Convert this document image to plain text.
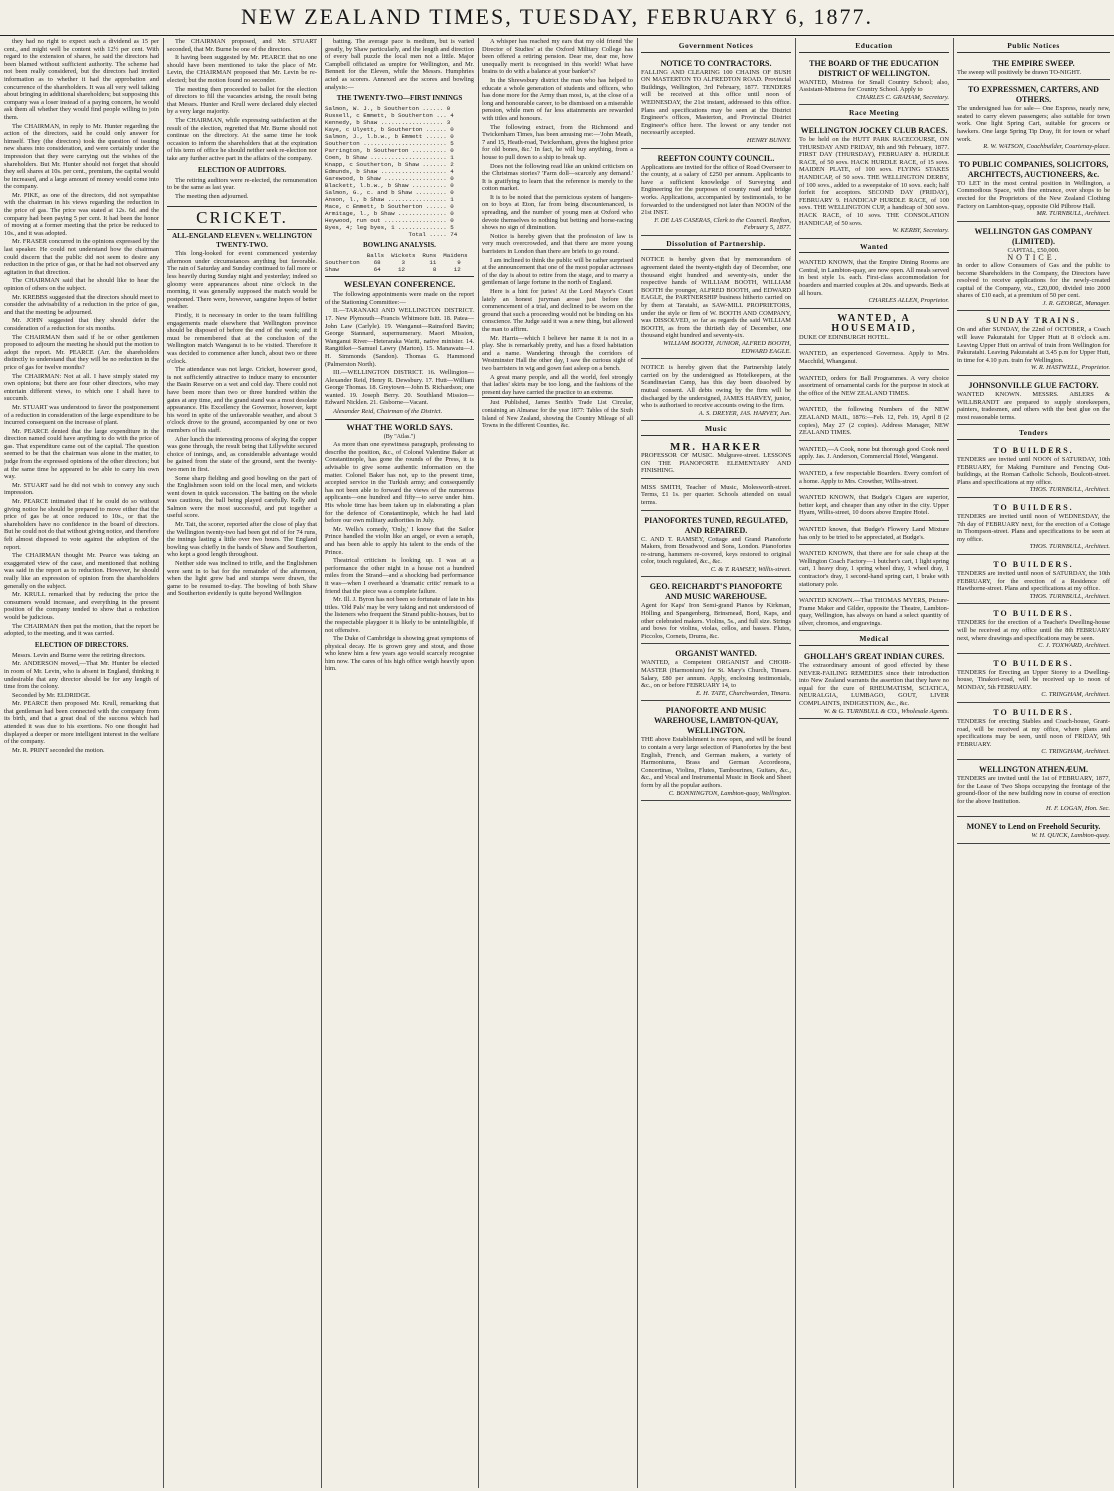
NEW ZEALAND TIMES, TUESDAY, FEBRUARY 6, 1877.

they had no right to expect such a dividend as 15 per cent., and might well be content with 12½ per cent. With regard to the extension of shares, he said the directors had been blamed without sufficient authority. The scheme had not been really considered, but the directors had invited information as to whether it had the approbation and concurrence of the shareholders. It was all very well talking about bringing in additional shareholders; but supposing this company was a loser instead of a paying concern, he would ask them all whether they would find people willing to join them.

The CHAIRMAN, in reply to Mr. Hunter regarding the action of the directors, said he could only answer for himself. They (the directors) took the question of issuing new shares into consideration, and were certainly under the impression that they were carrying out the wishes of the shareholders. But Mr. Hunter should not forget that should they sell shares at 10s. per cent., premium, the capital would be increased, and a large amount of money would come into the company.

Mr. PIKE, as one of the directors, did not sympathise with the chairman in his views regarding the reduction in the price of gas. The price was stated at 12s. 6d. and the company had been paying 5 per cent. It had been the honor of moving at a former meeting that the price be reduced to 10s., and it was adopted.

Mr. FRASER concurred in the opinions expressed by the last speaker. He could not understand how the chairman could discern that the public did not seem to desire any reduction in the price of gas, or that he had not observed any agitation in that direction.

The CHAIRMAN said that he should like to hear the opinion of others on the subject.

Mr. KREBBS suggested that the directors should meet to consider the advisability of a reduction in the price of gas, and that the meeting be adjourned.

Mr. JOHN suggested that they should defer the consideration of a reduction for six months.

The CHAIRMAN then said if he or other gentlemen proposed to adjourn the meeting he should put the motion to adopt the report. Mr. PEARCE (Arr. the shareholders distinctly to understand that they will be no reduction in the price of gas for twelve months?

The CHAIRMAN: Not at all. I have simply stated my own opinions; but there are four other directors, who may entertain different views, to which one I shall have to succumb.

Mr. STUART was understood to favor the postponement of a reduction in consideration of the large expenditure to be incurred consequent on the increase of plant.

Mr. PEARCE denied that the large expenditure in the direction named could have anything to do with the price of gas. That expenditure came out of the capital. The question seemed to be that the chairman was alone in the matter, to judge from the expressed opinions of the other directors; but at the same time he appeared to be able to carry his own way.

Mr. STUART said he did not wish to convey any such impression.

Mr. PEARCE intimated that if he could do so without giving notice he should be prepared to move either that the price of gas be at once reduced to 10s., or that the shareholders have no confidence in the board of directors. But he could not do that without giving notice, and therefore felt almost disposed to vote against the adoption of the report.

The CHAIRMAN thought Mr. Pearce was taking an exaggerated view of the case, and mentioned that nothing was said in the report as to reduction. However, he should really like an expression of opinion from the shareholders generally on the subject.

Mr. KRULL remarked that by reducing the price the consumers would increase, and everything in the present position of the company tended to show that a reduction would be judicious.

The CHAIRMAN then put the motion, that the report be adopted, to the meeting, and it was carried.

ELECTION OF DIRECTORS.

Messrs. Levin and Burne were the retiring directors.

Mr. ANDERSON moved,—That Mr. Hunter be elected in room of Mr. Levin, who is absent in England, thinking it undesirable that any director should be for any length of time from the colony.

Seconded by Mr. ELDRIDGE.

Mr. PEARCE then proposed Mr. Krull, remarking that that gentleman had been connected with the company from its birth, and that a great deal of the success which had attended it was due to his exertions. No one thought had displayed a deeper or more intelligent interest in the welfare of the company.

Mr. R. PRINT seconded the motion.

The CHAIRMAN proposed, and Mr. STUART seconded, that Mr. Burne be one of the directors.

It having been suggested by Mr. PEARCE that no one should have been mentioned to take the place of Mr. Levin, the CHAIRMAN proposed that Mr. Levin be re-elected; but the motion found no seconder.

The meeting then proceeded to ballot for the election of directors to fill the vacancies arising, the result being that Messrs. Hunter and Krull were declared duly elected by a very large majority.

The CHAIRMAN, while expressing satisfaction at the result of the election, regretted that Mr. Burne should not continue on the directory. At the same time he took occasion to inform the shareholders that at the expiration of his term of office he should neither seek re-election nor take any further active part in the affairs of the company.

ELECTION OF AUDITORS.

The retiring auditors were re-elected, the remuneration to be the same as last year.

The meeting then adjourned.

CRICKET.
ALL-ENGLAND ELEVEN v. WELLINGTON TWENTY-TWO.

This long-looked for event commenced yesterday afternoon under circumstances anything but favorable. The rain of Saturday and Sunday continued to fall more or less heavily during Sunday night and yesterday; indeed so gloomy were appearances about nine o'clock in the morning, it was generally supposed the match would be postponed. There were, however, sanguine hopes of better weather.

Firstly, it is necessary in order to the team fulfilling engagements made elsewhere that Wellington province should be disposed of before the end of the week; and it must be remembered that at the conclusion of the Wellington match Wanganui is to be visited. Therefore it was decided to commence after lunch, about two or three o'clock.

The attendance was not large. Cricket, however good, is not sufficiently attractive to induce many to encounter the Basin Reserve on a wet and cold day. There could not have been more than two or three hundred within the gates at any time, and the grand stand was a most desolate appearance. His Excellency the Governor, however, kept his word in spite of the unfavorable weather, and about 3 o'clock drove to the ground, accompanied by one or two members of his staff.

After lunch the interesting process of skying the copper was gone through, the result being that Lillywhite secured choice of innings, and, as considerable advantage would be gained from the state of the ground, sent the twenty-two men in first.

Some sharp fielding and good bowling on the part of the Englishmen soon told on the local men, and wickets went down in quick succession. The batting on the whole was cautious, the ball being played carefully. Kelly and Salmon were the most successful, and put together a useful score.

Mr. Tait, the scorer, reported after the close of play that the Wellington twenty-two had been got rid of for 74 runs, the innings lasting a little over two hours. The England bowling was chiefly in the hands of Shaw and Southerton, who kept a good length throughout.

Neither side was inclined to trifle, and the Englishmen were sent in to bat for the remainder of the afternoon, when the light grew bad and stumps were drawn, the game to be resumed to-day. The bowling of both Shaw and Southerton evidently is quite beyond Wellington

batting. The average pace is medium, but is varied greatly, by Shaw particularly, and the length and direction of every ball puzzle the local men not a little. Major Campbell officiated as umpire for Wellington, and Mr. Bennett for the Eleven, while the Messrs. Humphries acted as scorers. Annexed are the scores and bowling analysis:—

THE TWENTY-TWO—FIRST INNINGS
Salmon, W. J., b Southerton ...... 0
Russell, c Emmett, b Southerton ... 4
Kennedy, b Shaw .................. 3
Kaye, c Ulyett, b Southerton ...... 0
Salmon, J., l.b.w., b Emmett ...... 0
Southerton ........................ 5
Parrington, b Southerton .......... 0
Coen, b Shaw ...................... 1
Knapp, c Southerton, b Shaw ....... 2
Edmunds, b Shaw ................... 4
Garewood, b Shaw .................. 0
Blackett, l.b.w., b Shaw .......... 0
Salmon, G., c. and b Shaw ......... 0
Anson, l., b Shaw ................. 1
Mace, c Emmett, b Southerton ...... 0
Armitage, l., b Shaw .............. 0
Heywood, run out .................. 0
Byes, 4; leg byes, 1 .............. 5
Total ..... 74
BOWLING ANALYSIS.
Balls  Wickets  Runs  Maidens
Southerton    68      3       11      9
Shaw          64     12        8     12
WESLEYAN CONFERENCE.

The following appointments were made on the report of the Stationing Committee:—

II.—TARANAKI AND WELLINGTON DISTRICT. 17. New Plymouth—Francis Whitmore Isitt. 18. Patea—John Law (Carlyle). 19. Wanganui—Rainsford Bavin; George Stannard, supernumerary. Maori Mission, Wanganui River—Heteraraka Wariti, native minister. 14. Rangitikei—Samuel Lawry (Marton). 15. Manawatu—J. H. Simmonds (Sandon). Thomas G. Hammond (Palmerston North).

III.—WELLINGTON DISTRICT. 16. Wellington—Alexander Reid, Henry R. Dewsbury. 17. Hutt—William George Thomas. 18. Greytown—John B. Richardson; one wanted. 19. Joseph Berry. 20. Southland Mission—Edward Nicklen. 21. Gisborne—Vacant.

Alexander Reid, Chairman of the District.

WHAT THE WORLD SAYS.
(By "Atlas.")

As more than one eyewitness paragraph, professing to describe the position, &c., of Colonel Valentine Baker at Constantinople, has gone the rounds of the Press, it is advisable to give some authentic information on the matter. Colonel Baker has not, up to the present time, accepted service in the Turkish army; and consequently has not been able to forward the views of the numerous applicants—one hundred and fifty—to serve under him. His whole time has been taken up in elaborating a plan for the defence of Constantinople, which he had laid before our own military authorities in July.

Mr. Wells's comedy, 'Only,' I know that the Sailor Prince handled the violin like an angel, or even a seraph, and has been able to apply his talent to the ends of the Prince.

Theatrical criticism is looking up. I was at a performance the other night in a house not a hundred miles from the Strand—and a shocking bad performance it was—when I overheard a 'dramatic critic' remark to a friend that the piece was a complete failure.

Mr. Ill. J. Byron has not been so fortunate of late in his titles. 'Old Pals' may be very taking and not understood of the listeners who frequent the Strand public-houses, but to the respectable playgoer it is likely to be unintelligible, if not offensive.

The Duke of Cambridge is showing great symptoms of physical decay. He is grown grey and stout, and those who knew him a few years ago would scarcely recognise him now. The cares of his high office weigh heavily upon him.

A whisper has reached my ears that my old friend 'the Director of Studies' at the Oxford Military College has been offered a retiring pension. Dear me, dear me, how unequally merit is recognised in this world! What have brains to do with a balance at your banker's?

In the Shrewsbury district the man who has helped to educate a whole generation of students and officers, who has done more for the Army than most, is, at the close of a long and honourable career, to be dismissed on a miserable pension, while men of far less attainments are rewarded with titles and honours.

The following extract, from the Richmond and Twickenham Times, has been amusing me:—'John Meath, 7 and 15, Heath-road, Twickenham, gives the highest price for old bones, &c.' In fact, he will buy anything, from a house to pull down to a ship to break up.

Does not the following read like an unkind criticism on the Christmas stories? 'Farm doll—scarcely any demand.' It is gratifying to learn that the reference is merely to the cotton market.

It is to be noted that the pernicious system of hangers-on to boys at Eton, far from being discountenanced, is spreading, and the number of young men at Oxford who devote themselves to nothing but betting and horse-racing shows no sign of diminution.

Notice is hereby given that the profession of law is very much overcrowded, and that there are more young barristers in London than there are briefs to go round.

I am inclined to think the public will be rather surprised at the announcement that one of the most popular actresses of the day is about to retire from the stage, and to marry a gentleman of large fortune in the north of England.

Here is a hint for juries! At the Lord Mayor's Court lately an honest juryman arose just before the commencement of a trial, and declined to be sworn on the ground that such a proceeding would not be binding on his conscience. The Judge said it was a new thing, but allowed the man to affirm.

Mr. Harris—which I believe her name it is not in a play. She is remarkably pretty, and has a fixed habitation and a name. Wandering through the corridors of Westminster Hall the other day, I saw the curious sight of two barristers in wig and gown fast asleep on a bench.

A great many people, and all the world, feel strongly that ladies' skirts may be too long, and the fashions of the present day have carried the practice to an extreme.

Just Published, James Smith's Trade List Circular, containing an Almanac for the year 1877: Tables of the Sixth Island of New Zealand, showing the Country Mileage of all Towns in the different Counties, &c.

Government Notices
NOTICE TO CONTRACTORS.
FALLING AND CLEARING 100 CHAINS OF BUSH ON MASTERTON TO ALFREDTON ROAD. Provincial Buildings, Wellington, 3rd February, 1877. TENDERS will be received at this office until noon of WEDNESDAY, the 21st instant, addressed to this office. Plans and specifications may be seen at the District Engineer's offices, Masterton, and Provincial District Engineer's office here. The lowest or any tender not necessarily accepted.
HENRY BUNNY.
REEFTON COUNTY COUNCIL.
Applications are invited for the office of Road Overseer to the county, at a salary of £250 per annum. Applicants to have a sufficient knowledge of Surveying and Engineering for the purposes of county road and bridge works. Applications, accompanied by testimonials, to be forwarded to the undersigned not later than NOON of the 21st INST.
F. DE LAS CASERAS, Clerk to the Council. Reefton, February 5, 1877.
Dissolution of Partnership.
NOTICE is hereby given that by memorandum of agreement dated the twenty-eighth day of December, one thousand eight hundred and seventy-six, under the respective hands of WILLIAM BOOTH, WILLIAM BOOTH the younger, ALFRED BOOTH, and EDWARD EAGLE, the PARTNERSHIP business hitherto carried on by them at Taratahi, as SAW-MILL PROPRIETORS, under the style or firm of W. BOOTH AND COMPANY, was DISSOLVED, so far as regards the said WILLIAM BOOTH, as from the thirtieth day of December, one thousand eight hundred and seventy-six.
WILLIAM BOOTH, JUNIOR, ALFRED BOOTH, EDWARD EAGLE.
NOTICE is hereby given that the Partnership lately carried on by the undersigned as Hotelkeepers, at the Scandinavian Camp, has this day been dissolved by mutual consent. All debts owing by the firm will be discharged by the undersigned, JAMES HARVEY, junior, who is authorised to receive accounts owing to the firm.
A. S. DREYER, JAS. HARVEY, Jun.
Music
MR. HARKER
PROFESSOR OF MUSIC. Mulgrave-street. LESSONS ON THE PIANOFORTE ELEMENTARY AND FINISHING.
MISS SMITH, Teacher of Music, Molesworth-street. Terms, £1 1s. per quarter. Schools attended on usual terms.
PIANOFORTES TUNED, REGULATED, AND REPAIRED.
C. AND T. RAMSEY, Cottage and Grand Pianoforte Makers, from Broadwood and Sons, London. Pianofortes re-strung, hammers re-covered, keys restored to original color, touch regulated, &c., &c.
C. & T. RAMSEY, Willis-street.
GEO. REICHARDT'S PIANOFORTE AND MUSIC WAREHOUSE.
Agent for Kaps' Iron Semi-grand Pianos by Kirkman, Hölling and Spangenberg, Brinsmead, Bord, Kaps, and other celebrated makers. Violins, 5s., and full size. Strings and bows for violins, violas, cellos, and basses. Flutes, Piccolos, Cornets, Drums, &c.
ORGANIST WANTED.
WANTED, a Competent ORGANIST and CHOIR-MASTER (Harmonium) for St. Mary's Church, Timaru. Salary, £80 per annum. Apply, enclosing testimonials, &c., on or before FEBRUARY 14, to
E. H. TATE, Churchwarden, Timaru.
PIANOFORTE AND MUSIC WAREHOUSE, LAMBTON-QUAY, WELLINGTON.
THE above Establishment is now open, and will be found to contain a very large selection of Pianofortes by the best English, French, and German makers, a variety of Harmoniums, Brass and German Accordeons, Concertinas, Violins, Flutes, Tambourines, Guitars, &c., &c., and Vocal and Instrumental Music in Book and Sheet form by all the popular authors.
C. BONNINGTON, Lambton-quay, Wellington.
Education
THE BOARD OF THE EDUCATION DISTRICT OF WELLINGTON.
WANTED, Mistress for Small Country School; also, Assistant-Mistress for Country School. Apply to
CHARLES C. GRAHAM, Secretary.
Race Meeting
WELLINGTON JOCKEY CLUB RACES.
To be held on the HUTT PARK RACECOURSE, ON THURSDAY AND FRIDAY, 8th and 9th February, 1877. FIRST DAY (THURSDAY), FEBRUARY 8. HURDLE RACE, of 50 sovs. HACK HURDLE RACE, of 15 sovs. MAIDEN PLATE, of 100 sovs. FLYING STAKES HANDICAP, of 50 sovs. THE WELLINGTON DERBY, of 100 sovs., added to a sweepstake of 10 sovs. each; half forfeit for acceptors. SECOND DAY (FRIDAY), FEBRUARY 9. HANDICAP HURDLE RACE, of 100 sovs. THE WELLINGTON CUP, a handicap of 300 sovs. HACK RACE, of 10 sovs. THE CONSOLATION HANDICAP, of 50 sovs.
W. KERBY, Secretary.
Wanted
WANTED KNOWN, that the Empire Dining Rooms are Central, in Lambton-quay, are now open. All meals served in best style 1s. each. First-class accommodation for boarders and married couples at 20s. and upwards. Beds at all hours.
CHARLES ALLEN, Proprietor.
WANTED, A HOUSEMAID,
DUKE OF EDINBURGH HOTEL.
WANTED, an experienced Governess. Apply to Mrs. Macchild, Whanganui.
WANTED, orders for Ball Programmes. A very choice assortment of ornamental cards for the purpose in stock at the office of the NEW ZEALAND TIMES.
WANTED, the following Numbers of the NEW ZEALAND MAIL, 1876:—Feb. 12, Feb. 19, April 8 (2 copies), May 27 (2 copies). Address Manager, NEW ZEALAND TIMES.
WANTED,—A Cook, none but thorough good Cook need apply. Jas. J. Anderson, Commercial Hotel, Wanganui.
WANTED, a few respectable Boarders. Every comfort of a home. Apply to Mrs. Crowther, Willis-street.
WANTED KNOWN, that Budge's Cigars are superior, better kept, and cheaper than any other in the city. Upper Hyam, Willis-street, 10 doors above Empire Hotel.
WANTED known, that Budge's Flowery Land Mixture has only to be tried to be appreciated, at Budge's.
WANTED KNOWN, that there are for sale cheap at the Wellington Coach Factory—1 butcher's cart, 1 light spring cart, 1 heavy dray, 1 spring wheel dray, 1 wheel dray, 1 contractor's dray, 1 second-hand spring cart, 1 brake with stationary pole.
WANTED KNOWN.—That THOMAS MYERS, Picture-Frame Maker and Gilder, opposite the Theatre, Lambton-quay, Wellington, has always on hand a select quantity of silver, chromos, and engravings.
Medical
GHOLLAH'S GREAT INDIAN CURES.
The extraordinary amount of good effected by these NEVER-FAILING REMEDIES since their introduction into New Zealand warrants the assertion that they have no equal for the cure of RHEUMATISM, SCIATICA, NEURALGIA, LUMBAGO, GOUT, LIVER COMPLAINTS, INDIGESTION, &c., &c.
W. & G. TURNBULL & CO., Wholesale Agents.
Public Notices
THE EMPIRE SWEEP.
The sweep will positively be drawn TO-NIGHT.
TO EXPRESSMEN, CARTERS, AND OTHERS.
The undersigned has for sale— One Express, nearly new, seated to carry eleven passengers; also suitable for town work. One light Spring Cart, suitable for grocers or hawkers. One large Spring Tip Dray, fit for town or wharf work.
R. W. WATSON, Coachbuilder, Courtenay-place.
TO PUBLIC COMPANIES, SOLICITORS, ARCHITECTS, AUCTIONEERS, &c.
TO LET in the most central position in Wellington, a Commodious Space, with fine entrance, over shops to be erected for the Proprietors of the New Zealand Clothing Factory on Lambton-quay, opposite Old Pilbrow Hall.
MR. TURNBULL, Architect.
WELLINGTON GAS COMPANY (LIMITED).
CAPITAL, £50,000.
NOTICE.
In order to allow Consumers of Gas and the public to become Shareholders in the Company, the Directors have resolved to receive applications for the newly-created capital of the Company, viz., £20,000, divided into 2000 shares of £10 each, at a premium of 50 per cent.
J. R. GEORGE, Manager.
SUNDAY TRAINS.
On and after SUNDAY, the 22nd of OCTOBER, a Coach will leave Pakuratahi for Upper Hutt at 8 o'clock a.m. Leaving Upper Hutt on arrival of train from Wellington for Pakuratahi. Leaving Pakuratahi at 3.45 p.m for Upper Hutt, in time for 4.10 p.m. train for Wellington.
W. R. HASTWELL, Proprietor.
JOHNSONVILLE GLUE FACTORY.
WANTED KNOWN. MESSRS. ABLERS & WILLBRANDT are prepared to supply storekeepers, painters, tradesmen, and others with the best glue on the most reasonable terms.
Tenders
TO BUILDERS.
TENDERS are invited until NOON of SATURDAY, 10th FEBRUARY, for Making Furniture and Fencing Out-buildings, at the Roman Catholic Schools, Boulcott-street. Plans and specifications at my office.
THOS. TURNBULL, Architect.
TO BUILDERS.
TENDERS are invited until noon of WEDNESDAY, the 7th day of FEBRUARY next, for the erection of a Cottage in Thompson-street. Plans and specifications to be seen at my office.
THOS. TURNBULL, Architect.
TO BUILDERS.
TENDERS are invited until noon of SATURDAY, the 10th FEBRUARY, for the erection of a Residence off Hawthorne-street. Plans and specifications at my office.
THOS. TURNBULL, Architect.
TO BUILDERS.
TENDERS for the erection of a Teacher's Dwelling-house will be received at my office until the 8th FEBRUARY next, where drawings and specifications may be seen.
C. J. TOXWARD, Architect.
TO BUILDERS.
TENDERS for Erecting an Upper Storey to a Dwelling-house, Tinakori-road, will be received up to noon of MONDAY, 5th FEBRUARY.
C. TRINGHAM, Architect.
TO BUILDERS.
TENDERS for erecting Stables and Coach-house, Grant-road, will be received at my office, where plans and specifications may be seen, until noon of FRIDAY, 9th FEBRUARY.
C. TRINGHAM, Architect.
WELLINGTON ATHENÆUM.
TENDERS are invited until the 1st of FEBRUARY, 1877, for the Lease of Two Shops occupying the frontage of the ground-floor of the new building now in course of erection for the above Institution.
H. F. LOGAN, Hon. Sec.
MONEY to Lend on Freehold Security.
W. H. QUICK, Lambton-quay.
